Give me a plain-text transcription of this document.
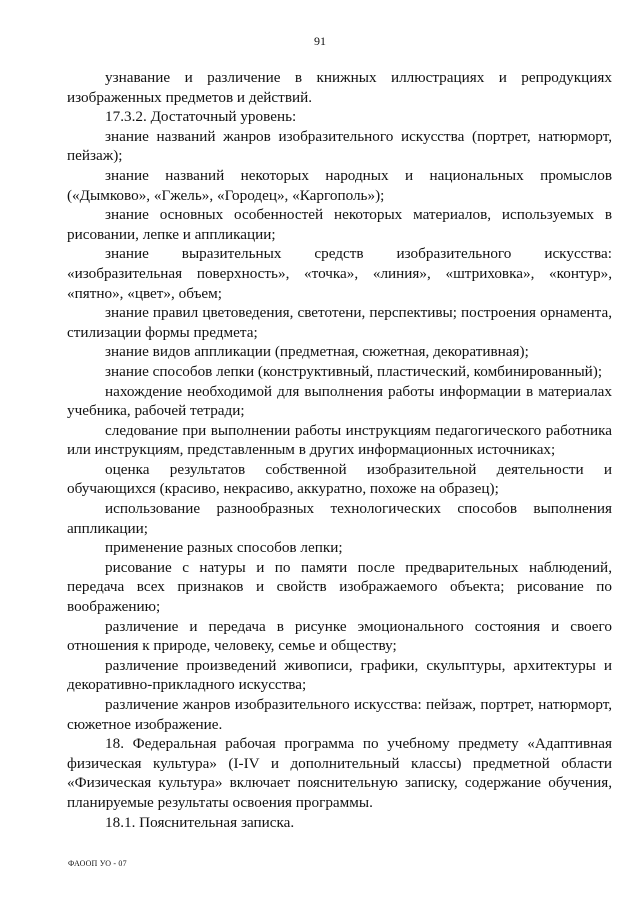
91

узнавание и различение в книжных иллюстрациях и репродукциях изображенных предметов и действий.

17.3.2. Достаточный уровень:

знание названий жанров изобразительного искусства (портрет, натюрморт, пейзаж);

знание названий некоторых народных и национальных промыслов («Дымково», «Гжель», «Городец», «Каргополь»);

знание основных особенностей некоторых материалов, используемых в рисовании, лепке и аппликации;

знание выразительных средств изобразительного искусства: «изобразительная поверхность», «точка», «линия», «штриховка», «контур», «пятно», «цвет», объем;

знание правил цветоведения, светотени, перспективы; построения орнамента, стилизации формы предмета;

знание видов аппликации (предметная, сюжетная, декоративная);

знание способов лепки (конструктивный, пластический, комбинированный);

нахождение необходимой для выполнения работы информации в материалах учебника, рабочей тетради;

следование при выполнении работы инструкциям педагогического работника или инструкциям, представленным в других информационных источниках;

оценка результатов собственной изобразительной деятельности и обучающихся (красиво, некрасиво, аккуратно, похоже на образец);

использование разнообразных технологических способов выполнения аппликации;

применение разных способов лепки;

рисование с натуры и по памяти после предварительных наблюдений, передача всех признаков и свойств изображаемого объекта; рисование по воображению;

различение и передача в рисунке эмоционального состояния и своего отношения к природе, человеку, семье и обществу;

различение произведений живописи, графики, скульптуры, архитектуры и декоративно-прикладного искусства;

различение жанров изобразительного искусства: пейзаж, портрет, натюрморт, сюжетное изображение.

18. Федеральная рабочая программа по учебному предмету «Адаптивная физическая культура» (I-IV и дополнительный классы) предметной области «Физическая культура» включает пояснительную записку, содержание обучения, планируемые результаты освоения программы.

18.1. Пояснительная записка.

ФАООП УО - 07
